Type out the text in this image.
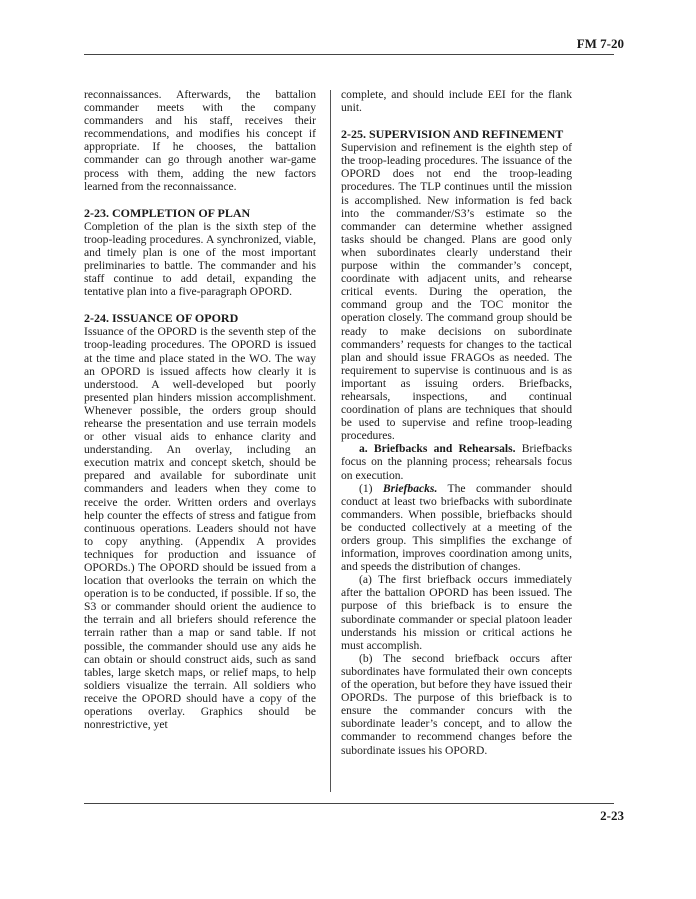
FM 7-20

reconnaissances. Afterwards, the battalion commander meets with the company commanders and his staff, receives their recommendations, and modifies his concept if appropriate. If he chooses, the battalion commander can go through another war-game process with them, adding the new factors learned from the reconnaissance.

2-23. COMPLETION OF PLAN

Completion of the plan is the sixth step of the troop-leading procedures. A synchronized, viable, and timely plan is one of the most important preliminaries to battle. The commander and his staff continue to add detail, expanding the tentative plan into a five-paragraph OPORD.

2-24. ISSUANCE OF OPORD

Issuance of the OPORD is the seventh step of the troop-leading procedures. The OPORD is issued at the time and place stated in the WO. The way an OPORD is issued affects how clearly it is understood. A well-developed but poorly presented plan hinders mission accomplishment. Whenever possible, the orders group should rehearse the presentation and use terrain models or other visual aids to enhance clarity and understanding. An overlay, including an execution matrix and concept sketch, should be prepared and available for subordinate unit commanders and leaders when they come to receive the order. Written orders and overlays help counter the effects of stress and fatigue from continuous operations. Leaders should not have to copy anything. (Appendix A provides techniques for production and issuance of OPORDs.) The OPORD should be issued from a location that overlooks the terrain on which the operation is to be conducted, if possible. If so, the S3 or commander should orient the audience to the terrain and all briefers should reference the terrain rather than a map or sand table. If not possible, the commander should use any aids he can obtain or should construct aids, such as sand tables, large sketch maps, or relief maps, to help soldiers visualize the terrain. All soldiers who receive the OPORD should have a copy of the operations overlay. Graphics should be nonrestrictive, yet

complete, and should include EEI for the flank unit.

2-25. SUPERVISION AND REFINEMENT

Supervision and refinement is the eighth step of the troop-leading procedures. The issuance of the OPORD does not end the troop-leading procedures. The TLP continues until the mission is accomplished. New information is fed back into the commander/S3’s estimate so the commander can determine whether assigned tasks should be changed. Plans are good only when subordinates clearly understand their purpose within the commander’s concept, coordinate with adjacent units, and rehearse critical events. During the operation, the command group and the TOC monitor the operation closely. The command group should be ready to make decisions on subordinate commanders’ requests for changes to the tactical plan and should issue FRAGOs as needed. The requirement to supervise is continuous and is as important as issuing orders. Briefbacks, rehearsals, inspections, and continual coordination of plans are techniques that should be used to supervise and refine troop-leading procedures.

a. Briefbacks and Rehearsals. Briefbacks focus on the planning process; rehearsals focus on execution.

(1) Briefbacks. The commander should conduct at least two briefbacks with subordinate commanders. When possible, briefbacks should be conducted collectively at a meeting of the orders group. This simplifies the exchange of information, improves coordination among units, and speeds the distribution of changes.

(a) The first briefback occurs immediately after the battalion OPORD has been issued. The purpose of this briefback is to ensure the subordinate commander or special platoon leader understands his mission or critical actions he must accomplish.

(b) The second briefback occurs after subordinates have formulated their own concepts of the operation, but before they have issued their OPORDs. The purpose of this briefback is to ensure the commander concurs with the subordinate leader’s concept, and to allow the commander to recommend changes before the subordinate issues his OPORD.

2-23
